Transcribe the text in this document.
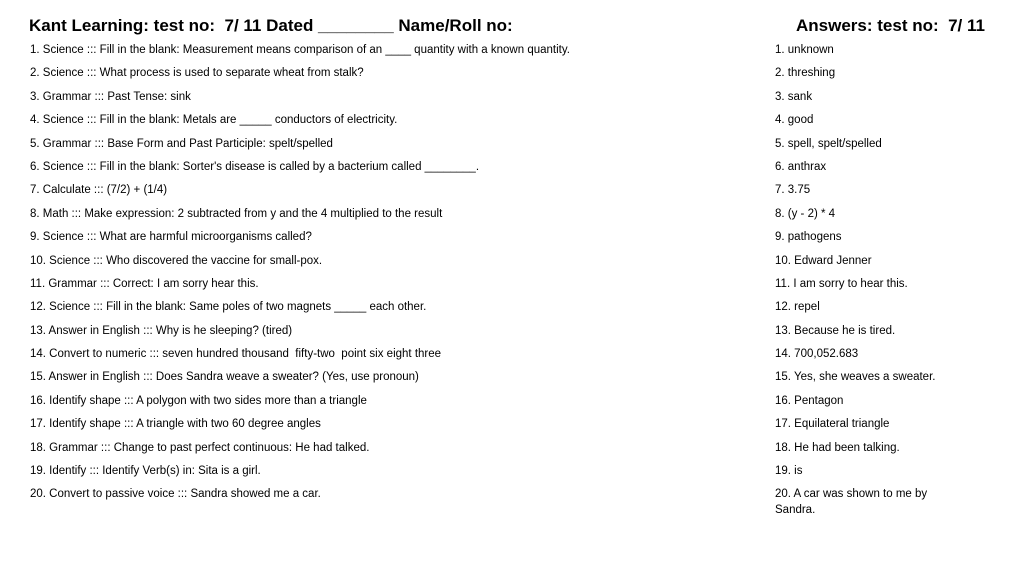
Kant Learning: test no:  7/ 11 Dated ________ Name/Roll no:	Answers: test no:  7/ 11
1. Science ::: Fill in the blank: Measurement means comparison of an ____ quantity with a known quantity.
2. Science ::: What process is used to separate wheat from stalk?
3. Grammar ::: Past Tense: sink
4. Science ::: Fill in the blank: Metals are _____ conductors of electricity.
5. Grammar ::: Base Form and Past Participle: spelt/spelled
6. Science ::: Fill in the blank: Sorter's disease is called by a bacterium called ________.
7. Calculate ::: (7/2) + (1/4)
8. Math ::: Make expression: 2 subtracted from y and the 4 multiplied to the result
9. Science ::: What are harmful microorganisms called?
10. Science ::: Who discovered the vaccine for small-pox.
11. Grammar ::: Correct: I am sorry hear this.
12. Science ::: Fill in the blank: Same poles of two magnets _____ each other.
13. Answer in English ::: Why is he sleeping? (tired)
14. Convert to numeric ::: seven hundred thousand  fifty-two  point six eight three
15. Answer in English ::: Does Sandra weave a sweater? (Yes, use pronoun)
16. Identify shape ::: A polygon with two sides more than a triangle
17. Identify shape ::: A triangle with two 60 degree angles
18. Grammar ::: Change to past perfect continuous: He had talked.
19. Identify ::: Identify Verb(s) in: Sita is a girl.
20. Convert to passive voice ::: Sandra showed me a car.
1. unknown
2. threshing
3. sank
4. good
5. spell, spelt/spelled
6. anthrax
7. 3.75
8. (y - 2) * 4
9. pathogens
10. Edward Jenner
11. I am sorry to hear this.
12. repel
13. Because he is tired.
14. 700,052.683
15. Yes, she weaves a sweater.
16. Pentagon
17. Equilateral triangle
18. He had been talking.
19. is
20. A car was shown to me by Sandra.
